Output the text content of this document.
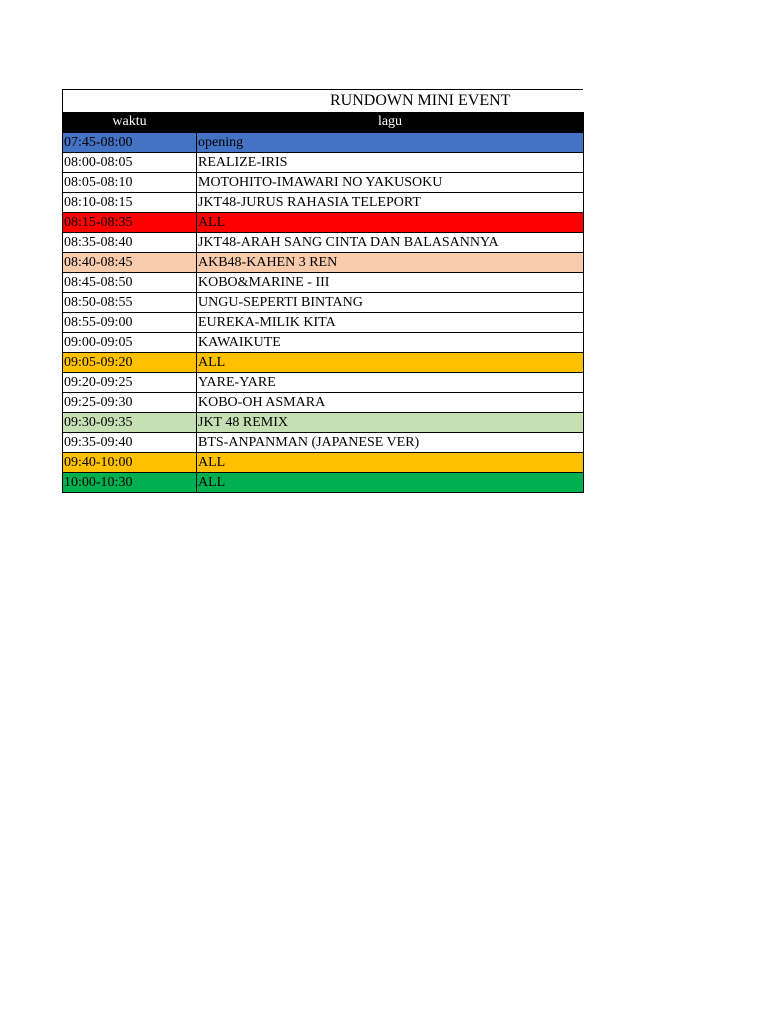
RUNDOWN MINI EVENT
waktu	lagu
07:45-08:00	opening
08:00-08:05	REALIZE-IRIS
08:05-08:10	MOTOHITO-IMAWARI NO YAKUSOKU
08:10-08:15	JKT48-JURUS RAHASIA TELEPORT
08:15-08:35	ALL
08:35-08:40	JKT48-ARAH SANG CINTA DAN BALASANNYA
08:40-08:45	AKB48-KAHEN 3 REN
08:45-08:50	KOBO&MARINE - III
08:50-08:55	UNGU-SEPERTI BINTANG
08:55-09:00	EUREKA-MILIK KITA
09:00-09:05	KAWAIKUTE
09:05-09:20	ALL
09:20-09:25	YARE-YARE
09:25-09:30	KOBO-OH ASMARA
09:30-09:35	JKT 48 REMIX
09:35-09:40	BTS-ANPANMAN (JAPANESE VER)
09:40-10:00	ALL
10:00-10:30	ALL
